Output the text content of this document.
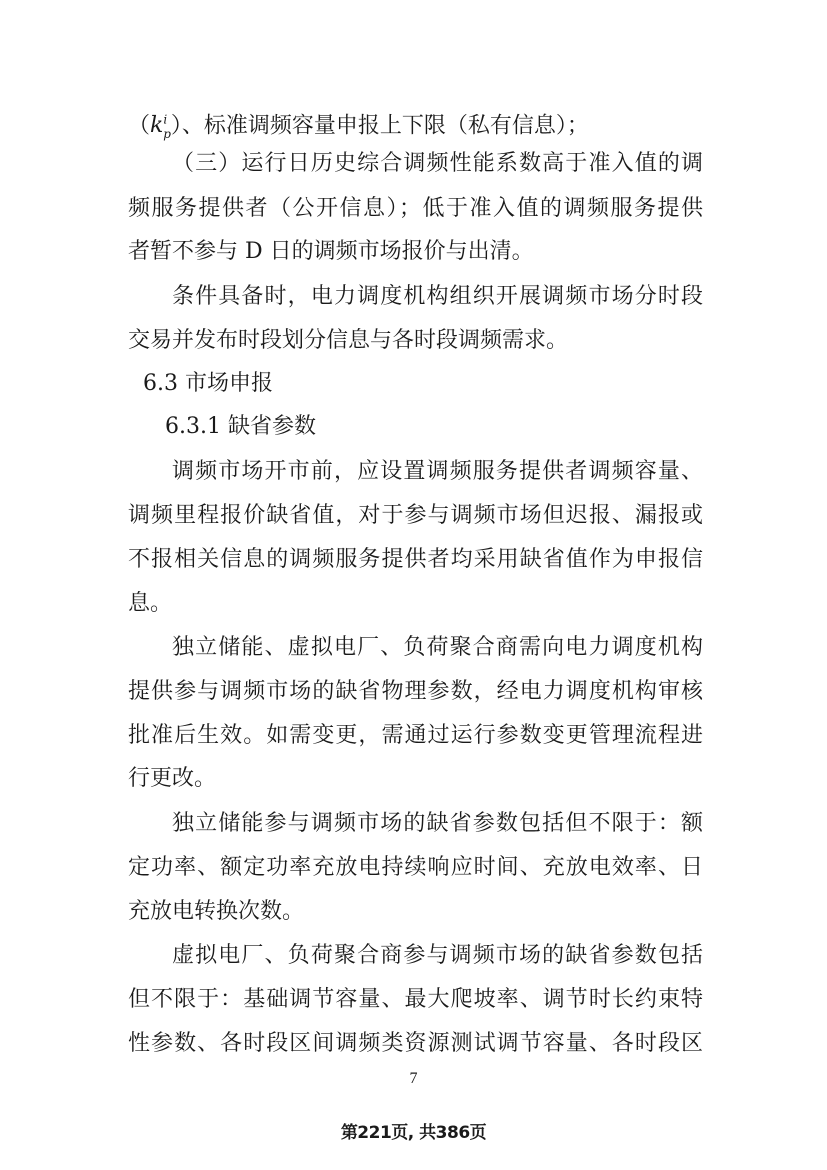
$(k^i_p)$、标准调频容量申报上下限（私有信息）；
（三）运行日历史综合调频性能系数高于准入值的调
频服务提供者（公开信息）；低于准入值的调频服务提供
者暂不参与 D 日的调频市场报价与出清。
条件具备时，电力调度机构组织开展调频市场分时段
交易并发布时段划分信息与各时段调频需求。
6.3 市场申报
6.3.1 缺省参数
调频市场开市前，应设置调频服务提供者调频容量、
调频里程报价缺省值，对于参与调频市场但迟报、漏报或
不报相关信息的调频服务提供者均采用缺省值作为申报信
息。
独立储能、虚拟电厂、负荷聚合商需向电力调度机构
提供参与调频市场的缺省物理参数，经电力调度机构审核
批准后生效。如需变更，需通过运行参数变更管理流程进
行更改。
独立储能参与调频市场的缺省参数包括但不限于：额
定功率、额定功率充放电持续响应时间、充放电效率、日
充放电转换次数。
虚拟电厂、负荷聚合商参与调频市场的缺省参数包括
但不限于：基础调节容量、最大爬坡率、调节时长约束特
性参数、各时段区间调频类资源测试调节容量、各时段区
7
第221页, 共386页
